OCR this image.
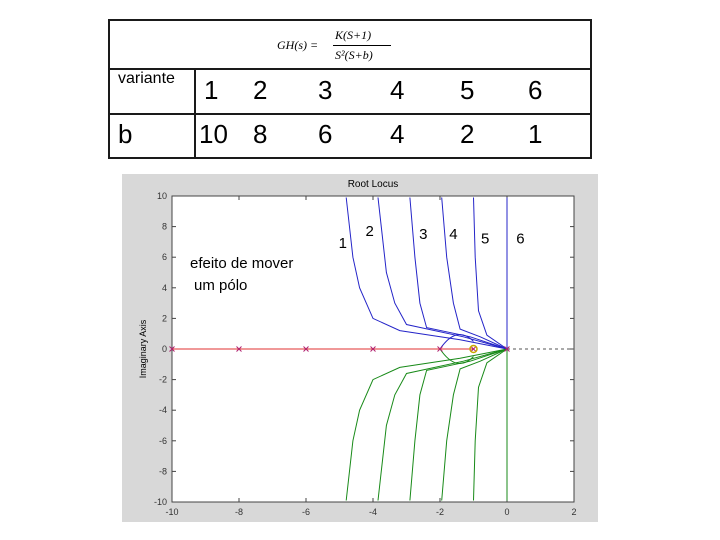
GH(s) =
K(S+1)
S²(S+b)
variante 1 2 3 4 5 6
b	10 8 6 4 2 1
Root Locus
Imaginary Axis
efeito de mover
um pólo
-10	-8	-6	-4	-2	0	2
-10
-8
-6
-4
-2
0
2
4
6
8
10
1
2	3 4 5 6
